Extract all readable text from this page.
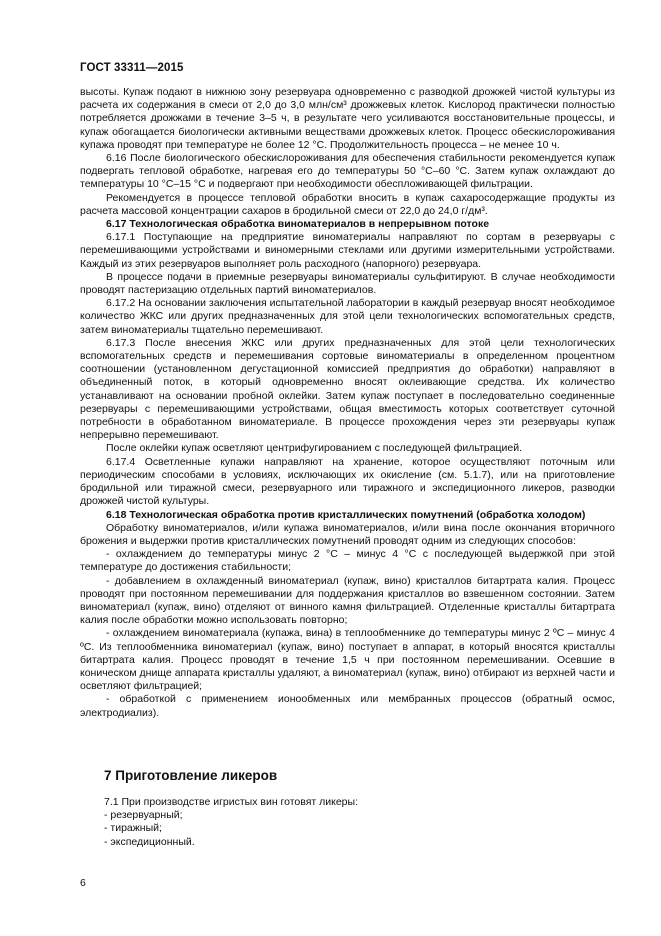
ГОСТ 33311—2015

высоты. Купаж подают в нижнюю зону резервуара одновременно с разводкой дрожжей чистой культуры из расчета их содержания в смеси от 2,0 до 3,0 млн/см³ дрожжевых клеток. Кислород практически полностью потребляется дрожжами в течение 3–5 ч, в результате чего усиливаются восстановительные процессы, и купаж обогащается биологически активными веществами дрожжевых клеток. Процесс обескислороживания купажа проводят при температуре не более 12 °С. Продолжительность процесса – не менее 10 ч.

6.16 После биологического обескислороживания для обеспечения стабильности рекомендуется купаж подвергать тепловой обработке, нагревая его до температуры 50 °С–60 °С. Затем купаж охлаждают до температуры 10 °С–15 °С и подвергают при необходимости обеспложивающей фильтрации.

Рекомендуется в процессе тепловой обработки вносить в купаж сахаросодержащие продукты из расчета массовой концентрации сахаров в бродильной смеси от 22,0 до 24,0 г/дм³.

6.17 Технологическая обработка виноматериалов в непрерывном потоке

6.17.1 Поступающие на предприятие виноматериалы направляют по сортам в резервуары с перемешивающими устройствами и виномерными стеклами или другими измерительными устройствами. Каждый из этих резервуаров выполняет роль расходного (напорного) резервуара.

В процессе подачи в приемные резервуары виноматериалы сульфитируют. В случае необходимости проводят пастеризацию отдельных партий виноматериалов.

6.17.2 На основании заключения испытательной лаборатории в каждый резервуар вносят необходимое количество ЖКС или других предназначенных для этой цели технологических вспомогательных средств, затем виноматериалы тщательно перемешивают.

6.17.3 После внесения ЖКС или других предназначенных для этой цели технологических вспомогательных средств и перемешивания сортовые виноматериалы в определенном процентном соотношении (установленном дегустационной комиссией предприятия до обработки) направляют в объединенный поток, в который одновременно вносят оклеивающие средства. Их количество устанавливают на основании пробной оклейки. Затем купаж поступает в последовательно соединенные резервуары с перемешивающими устройствами, общая вместимость которых соответствует суточной потребности в обработанном виноматериале. В процессе прохождения через эти резервуары купаж непрерывно перемешивают.

После оклейки купаж осветляют центрифугированием с последующей фильтрацией.

6.17.4 Осветленные купажи направляют на хранение, которое осуществляют поточным или периодическим способами в условиях, исключающих их окисление (см. 5.1.7), или на приготовление бродильной или тиражной смеси, резервуарного или тиражного и экспедиционного ликеров, разводки дрожжей чистой культуры.

6.18 Технологическая обработка против кристаллических помутнений (обработка холодом)

Обработку виноматериалов, и/или купажа виноматериалов, и/или вина после окончания вторичного брожения и выдержки против кристаллических помутнений проводят одним из следующих способов:

- охлаждением до температуры минус 2 °С – минус 4 °С с последующей выдержкой при этой температуре до достижения стабильности;

- добавлением в охлажденный виноматериал (купаж, вино) кристаллов битартрата калия. Процесс проводят при постоянном перемешивании для поддержания кристаллов во взвешенном состоянии. Затем виноматериал (купаж, вино) отделяют от винного камня фильтрацией. Отделенные кристаллы битартрата калия после обработки можно использовать повторно;

- охлаждением виноматериала (купажа, вина) в теплообменнике до температуры минус 2 ºС – минус 4 ºС. Из теплообменника виноматериал (купаж, вино) поступает в аппарат, в который вносятся кристаллы битартрата калия. Процесс проводят в течение 1,5 ч при постоянном перемешивании. Осевшие в коническом днище аппарата кристаллы удаляют, а виноматериал (купаж, вино) отбирают из верхней части и осветляют фильтрацией;

- обработкой с применением ионообменных или мембранных процессов (обратный осмос, электродиализ).

7 Приготовление ликеров

7.1 При производстве игристых вин готовят ликеры:

- резервуарный;

- тиражный;

- экспедиционный.

6
